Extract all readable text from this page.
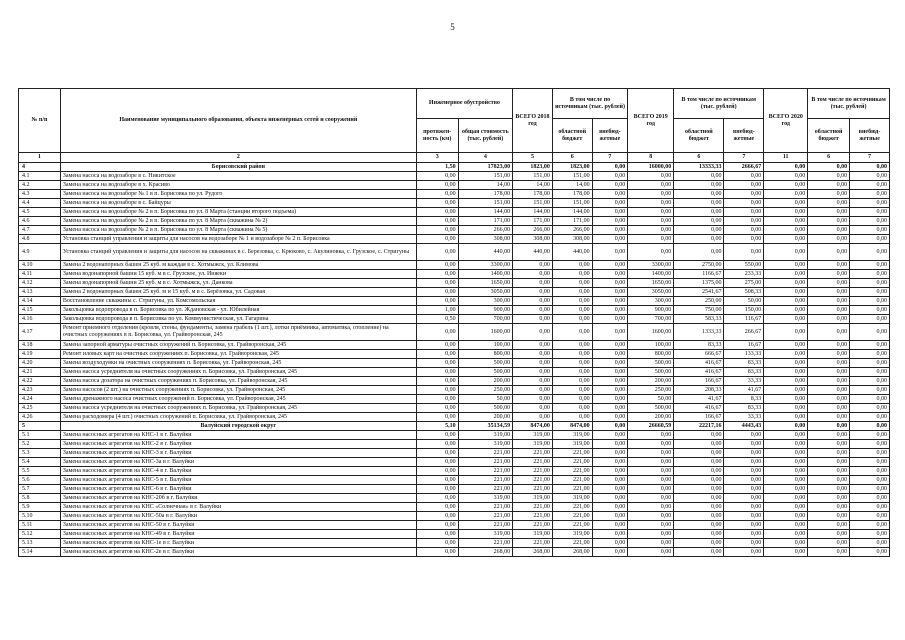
5
№ п/п	Наименование муниципального образования, объекта инженерных сетей и сооружений	Инженерное обустройство		ВСЕГО 2018 год	В том числе по источникам (тыс. рублей)		ВСЕГО 2019 год	В том числе по источникам (тыс. рублей)		ВСЕГО 2020 год	В том числе по источникам (тыс. рублей)	
		протяжен-ность (км)	общая стоимость (тыс. рублей)		областной бюджет	внебюд-жетные		областной бюджет	внебюд-жетные		областной бюджет	внебюд-жетные
1	2	3	4	5	6	7	8	6	7	11	6	7
4	Борисовский район	1,50	17823,00	1823,00	1823,00	0,00	16000,00	13333,33	2666,67	0,00	0,00	0,00
4.1	Замена насоса на водозаборе в с. Никитское	0,00	151,00	151,00	151,00	0,00	0,00	0,00	0,00	0,00	0,00	0,00
4.2	Замена насоса на водозаборе в х. Красиво	0,00	14,00	14,00	14,00	0,00	0,00	0,00	0,00	0,00	0,00	0,00
4.3	Замена насоса на водозаборе № 1 в п. Борисовка по ул. Рудого	0,00	178,00	178,00	178,00	0,00	0,00	0,00	0,00	0,00	0,00	0,00
4.4	Замена насоса на водозаборе в с. Байцуры	0,00	151,00	151,00	151,00	0,00	0,00	0,00	0,00	0,00	0,00	0,00
4.5	Замена насоса на водозаборе № 2 в п. Борисовка по ул. 8 Марта (станции второго подъема)	0,00	144,00	144,00	144,00	0,00	0,00	0,00	0,00	0,00	0,00	0,00
4.6	Замена насоса на водозаборе № 2 в п. Борисовка по ул. 8 Марта (скважина № 2)	0,00	171,00	171,00	171,00	0,00	0,00	0,00	0,00	0,00	0,00	0,00
4.7	Замена насоса на водозаборе № 2 в п. Борисовка по ул. 8 Марта (скважина № 5)	0,00	266,00	266,00	266,00	0,00	0,00	0,00	0,00	0,00	0,00	0,00
4.8	Установка станций управления и защиты для насосов на водозаборе № 1 и водозаборе № 2 п. Борисовка	0,00	308,00	308,00	308,00	0,00	0,00	0,00	0,00	0,00	0,00	0,00
4.9	Установка станций управления и защиты для насосов на скважинах в с. Березовка, с. Крюково, с. Акулиновка, с. Грузское, с. Стригуны	0,00	440,00	440,00	440,00	0,00	0,00	0,00	0,00	0,00	0,00	0,00
4.10	Замена 2 водонапорных башен 25 куб. м каждая в с. Хотмыжск, ул. Климова	0,00	3300,00	0,00	0,00	0,00	3300,00	2750,00	550,00	0,00	0,00	0,00
4.11	Замена водонапорной башни 15 куб. м в с. Грузское, ул. Иняеки	0,00	1400,00	0,00	0,00	0,00	1400,00	1166,67	233,33	0,00	0,00	0,00
4.12	Замена водонапорной башни 25 куб. м в с. Хотмыжск, ул. Данкова	0,00	1650,00	0,00	0,00	0,00	1650,00	1375,00	275,00	0,00	0,00	0,00
4.13	Замена 2 водонапорных башен 25 куб. м и 15 куб. м в с. Берёзовка, ул. Садовая	0,00	3050,00	0,00	0,00	0,00	3050,00	2541,67	508,33	0,00	0,00	0,00
4.14	Восстановление скважины с. Стригуны, ул. Комсомольская	0,00	300,00	0,00	0,00	0,00	300,00	250,00	50,00	0,00	0,00	0,00
4.15	Закольцовка водопровода в п. Борисовка по ул. Ждановская - ул. Юбилейная	1,00	900,00	0,00	0,00	0,00	900,00	750,00	150,00	0,00	0,00	0,00
4.16	Закольцовка водопровода в п. Борисовка по ул. Коммунистическая, ул. Гагарина	0,50	700,00	0,00	0,00	0,00	700,00	583,33	116,67	0,00	0,00	0,00
4.17	Ремонт приемного отделения (кровля, стены, фундаменты, замена грабель (1 шт.), лотки приёмника, автоматика, отопление) на очистных сооружениях в п. Борисовка, ул. Грайворонская, 245	0,00	1600,00	0,00	0,00	0,00	1600,00	1333,33	266,67	0,00	0,00	0,00
4.18	Замена запорной арматуры очистных сооружений п. Борисовка, ул. Грайворонская, 245	0,00	100,00	0,00	0,00	0,00	100,00	83,33	16,67	0,00	0,00	0,00
4.19	Ремонт иловых карт на очистных сооружениях п. Борисовка, ул. Грайворонская, 245	0,00	800,00	0,00	0,00	0,00	800,00	666,67	133,33	0,00	0,00	0,00
4.20	Замена воздуходувки на очистных сооружениях п. Борисовка, ул. Грайворонская, 245	0,00	500,00	0,00	0,00	0,00	500,00	416,67	83,33	0,00	0,00	0,00
4.21	Замена насоса усреднителя на очистных сооружениях п. Борисовка, ул. Грайворонская, 245	0,00	500,00	0,00	0,00	0,00	500,00	416,67	83,33	0,00	0,00	0,00
4.22	Замена насоса дозатора на очистных сооружениях п. Борисовка, ул. Грайворонская, 245	0,00	200,00	0,00	0,00	0,00	200,00	166,67	33,33	0,00	0,00	0,00
4.23	Замена насосов (2 шт.) на очистных сооружениях п. Борисовка, ул. Грайворонская, 245	0,00	250,00	0,00	0,00	0,00	250,00	208,33	41,67	0,00	0,00	0,00
4.24	Замена дренажного насоса очистных сооружений п. Борисовка, ул. Грайворонская, 245	0,00	50,00	0,00	0,00	0,00	50,00	41,67	8,33	0,00	0,00	0,00
4.25	Замена насоса усреднителя на очистных сооружениях п. Борисовка, ул. Грайворонская, 245	0,00	500,00	0,00	0,00	0,00	500,00	416,67	83,33	0,00	0,00	0,00
4.26	Замена расходомера (4 шт.) очистных сооружений п. Борисовка, ул. Грайворонская, 245	0,00	200,00	0,00	0,00	0,00	200,00	166,67	33,33	0,00	0,00	0,00
5	Валуйский городской округ	5,10	35134,59	8474,00	8474,00	0,00	26660,59	22217,16	4443,43	0,00	0,00	0,00
5.1	Замена насосных агрегатов на КНС-1 в г. Валуйки	0,00	319,00	319,00	319,00	0,00	0,00	0,00	0,00	0,00	0,00	0,00
5.2	Замена насосных агрегатов на КНС-2 в г. Валуйки	0,00	319,00	319,00	319,00	0,00	0,00	0,00	0,00	0,00	0,00	0,00
5.3	Замена насосных агрегатов на КНС-3 в г. Валуйки	0,00	221,00	221,00	221,00	0,00	0,00	0,00	0,00	0,00	0,00	0,00
5.4	Замена насосных агрегатов на КНС-3а в г. Валуйки	0,00	221,00	221,00	221,00	0,00	0,00	0,00	0,00	0,00	0,00	0,00
5.5	Замена насосных агрегатов на КНС-4 в г. Валуйки	0,00	221,00	221,00	221,00	0,00	0,00	0,00	0,00	0,00	0,00	0,00
5.6	Замена насосных агрегатов на КНС-5 в г. Валуйки	0,00	221,00	221,00	221,00	0,00	0,00	0,00	0,00	0,00	0,00	0,00
5.7	Замена насосных агрегатов на КНС-6 в г. Валуйки	0,00	221,00	221,00	221,00	0,00	0,00	0,00	0,00	0,00	0,00	0,00
5.8	Замена насосных агрегатов на КНС-20б в г. Валуйки	0,00	319,00	319,00	319,00	0,00	0,00	0,00	0,00	0,00	0,00	0,00
5.9	Замена насосных агрегатов на КНС «Солнечная» в г. Валуйки	0,00	221,00	221,00	221,00	0,00	0,00	0,00	0,00	0,00	0,00	0,00
5.10	Замена насосных агрегатов на КНС-50а в г. Валуйки	0,00	221,00	221,00	221,00	0,00	0,00	0,00	0,00	0,00	0,00	0,00
5.11	Замена насосных агрегатов на КНС-50 в г. Валуйки	0,00	221,00	221,00	221,00	0,00	0,00	0,00	0,00	0,00	0,00	0,00
5.12	Замена насосных агрегатов на КНС-49 в г. Валуйки	0,00	319,00	319,00	319,00	0,00	0,00	0,00	0,00	0,00	0,00	0,00
5.13	Замена насосных агрегатов на КНС-1е в г. Валуйки	0,00	221,00	221,00	221,00	0,00	0,00	0,00	0,00	0,00	0,00	0,00
5.14	Замена насосных агрегатов на КНС-2е в г. Валуйки	0,00	268,00	268,00	268,00	0,00	0,00	0,00	0,00	0,00	0,00	0,00
